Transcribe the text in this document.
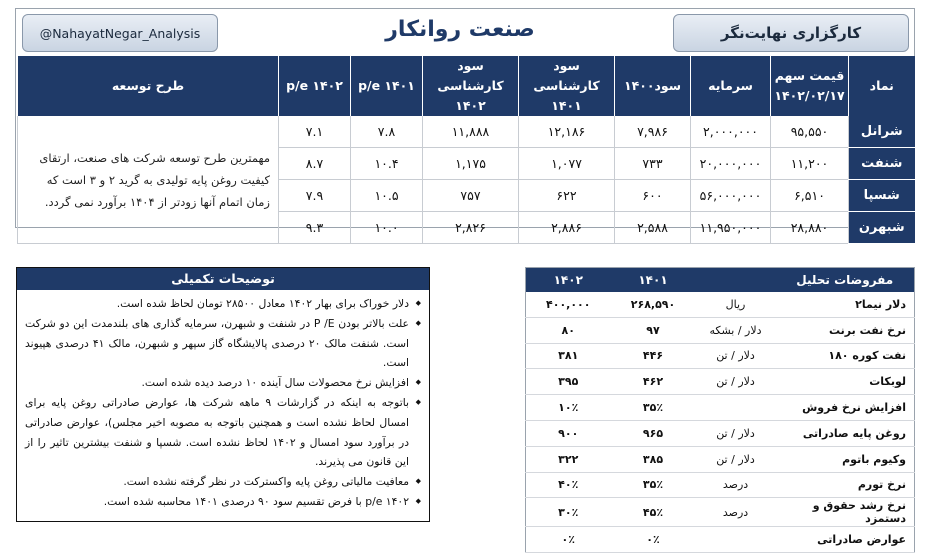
@NahayatNegar_Analysis	صنعت روانکار	کارگزاری نهایت‌نگر
نماد	قیمت سهم ۱۴۰۲/۰۲/۱۷	سرمایه	سود۱۴۰۰	سود کارشناسی ۱۴۰۱	سود کارشناسی ۱۴۰۲	p/e ۱۴۰۱	p/e ۱۴۰۲	طرح توسعه
شرانل	۹۵,۵۵۰	۲,۰۰۰,۰۰۰	۷,۹۸۶	۱۲,۱۸۶	۱۱,۸۸۸	۷.۸	۷.۱	مهمترین طرح توسعه شرکت های صنعت، ارتقای کیفیت روغن پایه تولیدی به گرید ۲ و ۳ است که زمان اتمام آنها زودتر از ۱۴۰۴ برآورد نمی گردد.
شنفت	۱۱,۲۰۰	۲۰,۰۰۰,۰۰۰	۷۳۳	۱,۰۷۷	۱,۱۷۵	۱۰.۴	۸.۷	
شسپا	۶,۵۱۰	۵۶,۰۰۰,۰۰۰	۶۰۰	۶۲۲	۷۵۷	۱۰.۵	۷.۹	
شبهرن	۲۸,۸۸۰	۱۱,۹۵۰,۰۰۰	۲,۵۸۸	۲,۸۸۶	۲,۸۲۶	۱۰.۰	۹.۳	
توضیحات تکمیلی
◆ دلار خوراک برای بهار ۱۴۰۲ معادل ۲۸۵۰۰ تومان لحاظ شده است.
◆ علت بالاتر بودن P /E در شنفت و شبهرن، سرمایه گذاری های بلندمدت این دو شرکت است. شنفت مالک ۲۰ درصدی پالایشگاه گاز سپهر و شبهرن، مالک ۴۱ درصدی هپیوند است.
◆ افزایش نرخ محصولات سال آینده ۱۰ درصد دیده شده است.
◆ باتوجه به اینکه در گزارشات ۹ ماهه شرکت ها، عوارض صادراتی روغن پایه برای امسال لحاظ نشده است و همچنین باتوجه به مصوبه اخیر مجلس)، عوارض صادراتی در برآورد سود امسال و ۱۴۰۲ لحاظ نشده است. شسپا و شنفت بیشترین تاثیر را از این قانون می پذیرند.
◆ معافیت مالیاتی روغن پایه واکسترکت در نظر گرفته نشده است.
◆ p/e ۱۴۰۲ با فرض تقسیم سود ۹۰ درصدی ۱۴۰۱ محاسبه شده است.
مفروضات تحلیل		۱۴۰۱	۱۴۰۲
دلار نیما۲	ریال	۲۶۸,۵۹۰	۴۰۰,۰۰۰
نرخ نفت برنت	دلار / بشکه	۹۷	۸۰
نفت کوره ۱۸۰	دلار / تن	۴۴۶	۳۸۱
لوبکات	دلار / تن	۴۶۲	۳۹۵
افزایش نرخ فروش		۳۵٪	۱۰٪
روغن پایه صادراتی	دلار / تن	۹۶۵	۹۰۰
وکیوم باتوم	دلار / تن	۳۸۵	۳۲۲
نرخ تورم	درصد	۳۵٪	۴۰٪
نرخ رشد حقوق و دستمزد	درصد	۴۵٪	۳۰٪
عوارض صادراتی		۰٪	۰٪
